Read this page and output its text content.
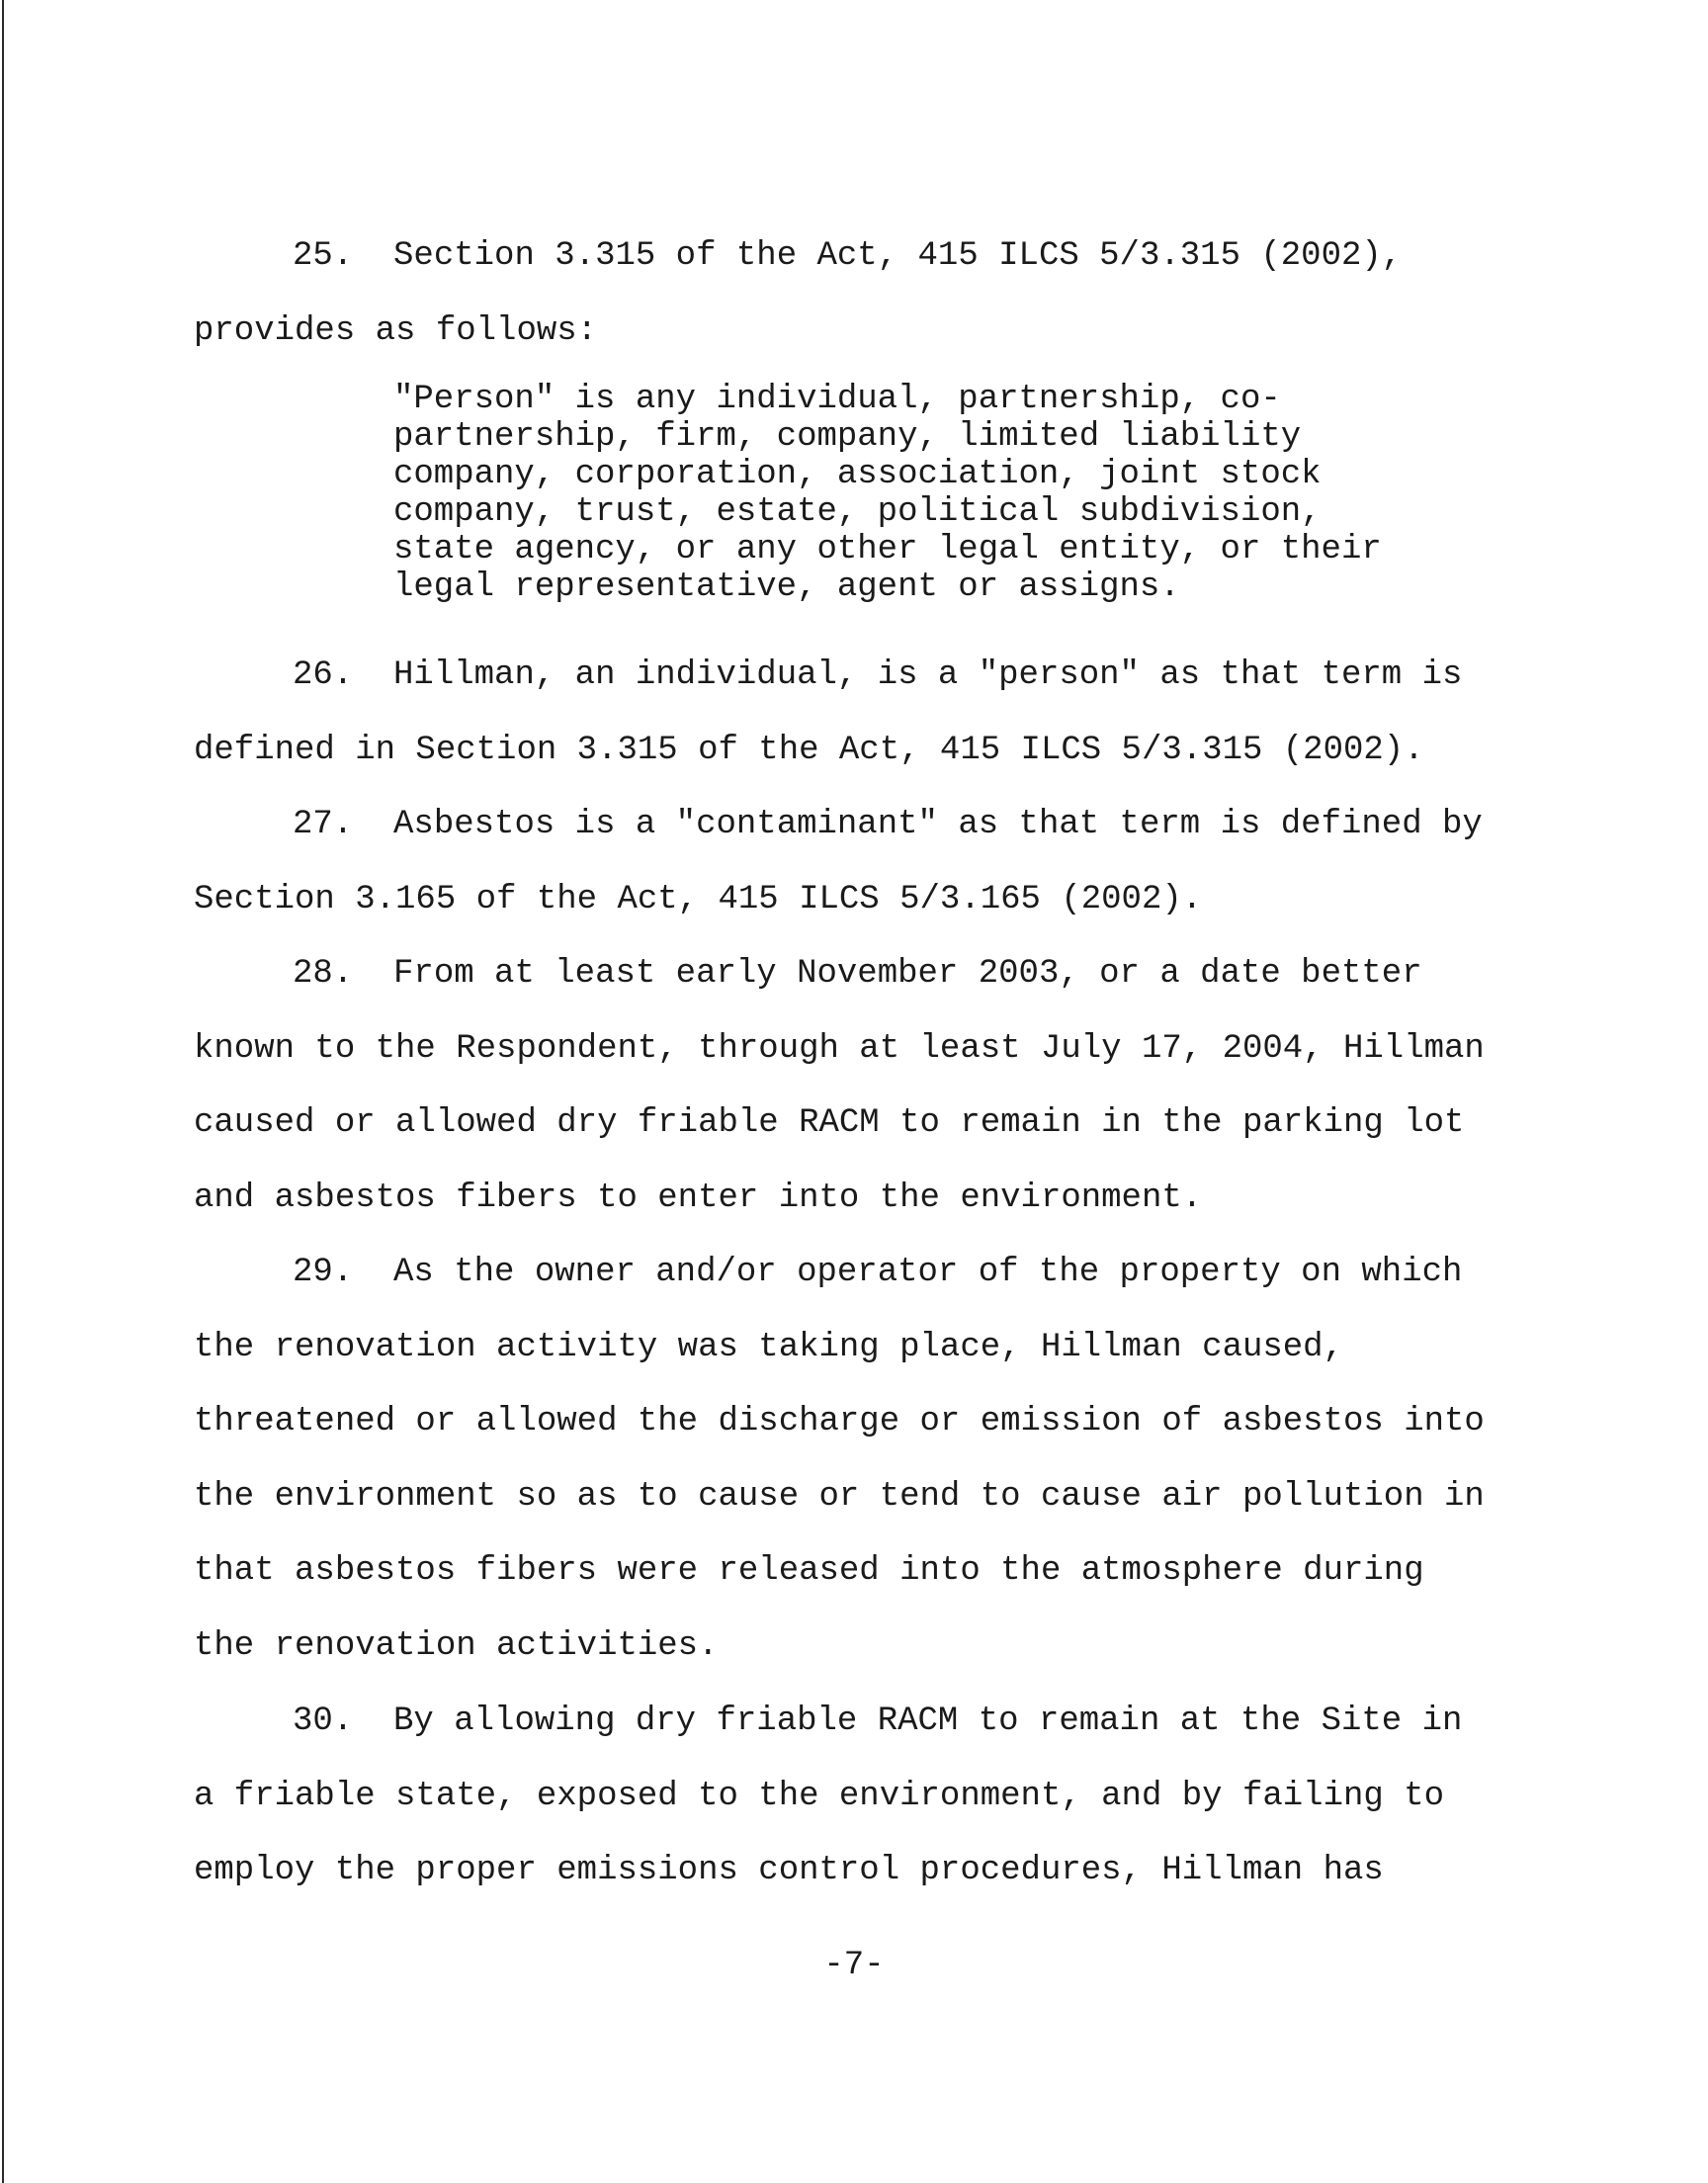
25. Section 3.315 of the Act, 415 ILCS 5/3.315 (2002),
provides as follows:
"Person" is any individual, partnership, co-
partnership, firm, company, limited liability
company, corporation, association, joint stock
company, trust, estate, political subdivision,
state agency, or any other legal entity, or their
legal representative, agent or assigns.
26. Hillman, an individual, is a "person" as that term is
defined in Section 3.315 of the Act, 415 ILCS 5/3.315 (2002).
27. Asbestos is a "contaminant" as that term is defined by
Section 3.165 of the Act, 415 ILCS 5/3.165 (2002).
28. From at least early November 2003, or a date better
known to the Respondent, through at least July 17, 2004, Hillman
caused or allowed dry friable RACM to remain in the parking lot
and asbestos fibers to enter into the environment.
29. As the owner and/or operator of the property on which
the renovation activity was taking place, Hillman caused,
threatened or allowed the discharge or emission of asbestos into
the environment so as to cause or tend to cause air pollution in
that asbestos fibers were released into the atmosphere during
the renovation activities.
30. By allowing dry friable RACM to remain at the Site in
a friable state, exposed to the environment, and by failing to
employ the proper emissions control procedures, Hillman has
-7-
